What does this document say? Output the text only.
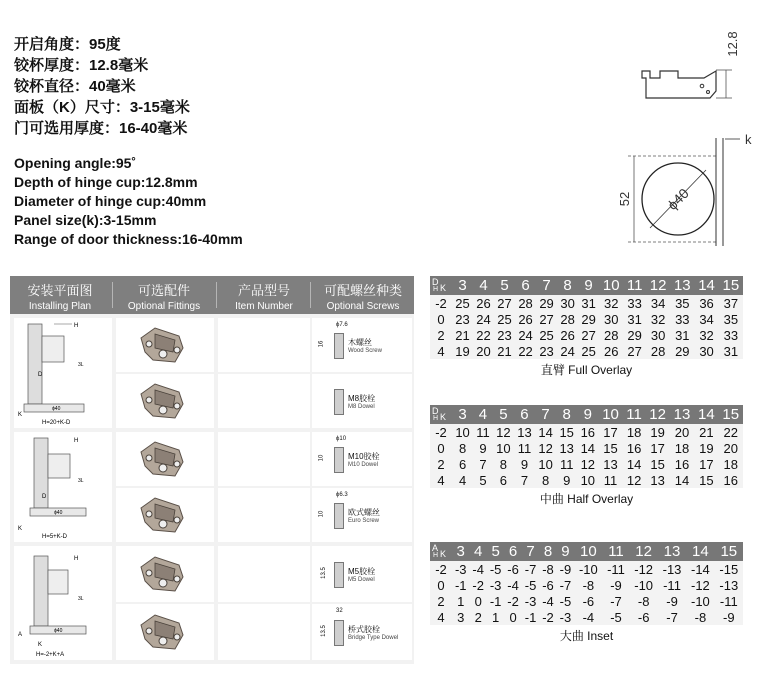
开启角度：95度
铰杯厚度：12.8毫米
铰杯直径：40毫米
面板（K）尺寸：3-15毫米
门可选用厚度：16-40毫米
Opening angle:95˚
Depth of hinge cup:12.8mm
Diameter of hinge cup:40mm
Panel size(k):3-15mm
Range of door thickness:16-40mm
12.8
k
52 ϕ40
安装平面图
Installing Plan
可选配件
Optional Fittings
产品型号
Item Number
可配螺丝种类
Optional Screws
H
D
ϕ40
3L
K
H=20+K-D
H
D
ϕ40
3L
K
H=5+K-D
H
A
ϕ40
3L
K
H=-2+K+A
ϕ7.6
16	木螺丝
Wood Screw
M8胶栓
M8 Dowel
ϕ10
10	M10胶栓
M10 Dowel
ϕ6.3
10	欧式螺丝
Euro Screw
13.5	M5胶栓
M5 Dowel
32
13.5	桥式胶栓
Bridge Type Dowel
D
K
H	3	4	5	6	7	8	9	10	11	12	13	14	15
-2	25	26	27	28	29	30	31	32	33	34	35	36	37
0	23	24	25	26	27	28	29	30	31	32	33	34	35
2	21	22	23	24	25	26	27	28	29	30	31	32	33
4	19	20	21	22	23	24	25	26	27	28	29	30	31
直臂 Full Overlay
D
K
H	3	4	5	6	7	8	9	10	11	12	13	14	15
-2	10	11	12	13	14	15	16	17	18	19	20	21	22
0	8	9	10	11	12	13	14	15	16	17	18	19	20
2	6	7	8	9	10	11	12	13	14	15	16	17	18
4	4	5	6	7	8	9	10	11	12	13	14	15	16
中曲 Half Overlay
A
K
H	3	4	5	6	7	8	9	10	11	12	13	14	15
-2	-3	-4	-5	-6	-7	-8	-9	-10	-11	-12	-13	-14	-15
0	-1	-2	-3	-4	-5	-6	-7	-8	-9	-10	-11	-12	-13
2	1	0	-1	-2	-3	-4	-5	-6	-7	-8	-9	-10	-11
4	3	2	1	0	-1	-2	-3	-4	-5	-6	-7	-8	-9
大曲 Inset
